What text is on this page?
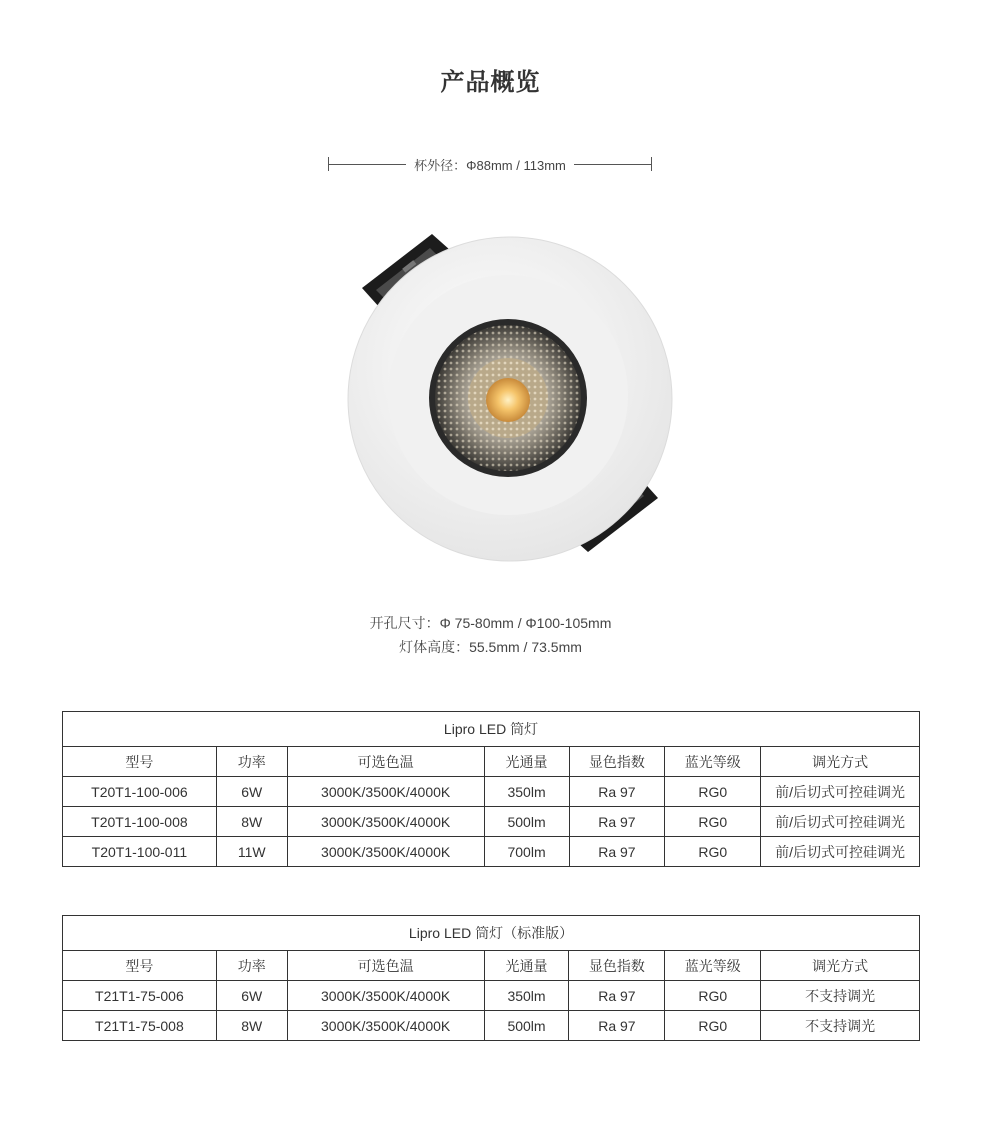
产品概览
杯外径：Φ88mm / 113mm
开孔尺寸：Φ 75-80mm / Φ100-105mm
灯体高度：55.5mm / 73.5mm
Lipro LED 筒灯						
型号	功率	可选色温	光通量	显色指数	蓝光等级	调光方式
T20T1-100-006	6W	3000K/3500K/4000K	350lm	Ra 97	RG0	前/后切式可控硅调光
T20T1-100-008	8W	3000K/3500K/4000K	500lm	Ra 97	RG0	前/后切式可控硅调光
T20T1-100-011	11W	3000K/3500K/4000K	700lm	Ra 97	RG0	前/后切式可控硅调光
Lipro LED 筒灯（标准版）						
型号	功率	可选色温	光通量	显色指数	蓝光等级	调光方式
T21T1-75-006	6W	3000K/3500K/4000K	350lm	Ra 97	RG0	不支持调光
T21T1-75-008	8W	3000K/3500K/4000K	500lm	Ra 97	RG0	不支持调光
